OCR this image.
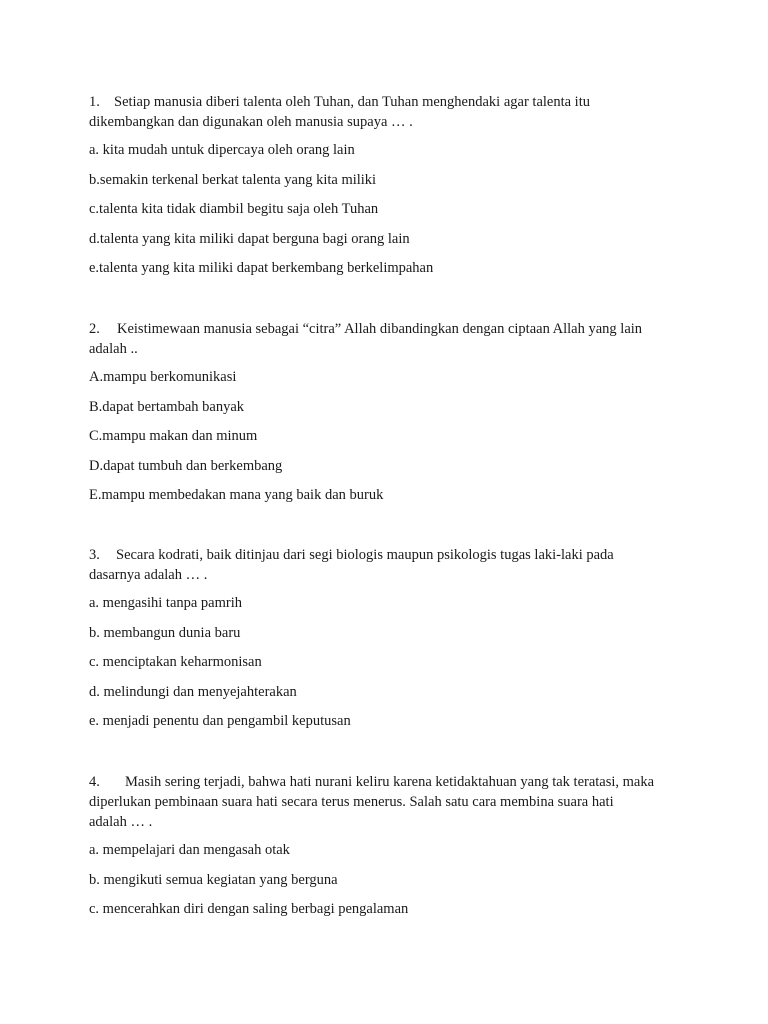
1. Setiap manusia diberi talenta oleh Tuhan, dan Tuhan menghendaki agar talenta itu
dikembangkan dan digunakan oleh manusia supaya … .
a. kita mudah untuk dipercaya oleh orang lain
b.semakin terkenal berkat talenta yang kita miliki
c.talenta kita tidak diambil begitu saja oleh Tuhan
d.talenta yang kita miliki dapat berguna bagi orang lain
e.talenta yang kita miliki dapat berkembang berkelimpahan
2. Keistimewaan manusia sebagai “citra” Allah dibandingkan dengan ciptaan Allah yang lain
adalah ..
A.mampu berkomunikasi
B.dapat bertambah banyak
C.mampu makan dan minum
D.dapat tumbuh dan berkembang
E.mampu membedakan mana yang baik dan buruk
3. Secara kodrati, baik ditinjau dari segi biologis maupun psikologis tugas laki-laki pada
dasarnya adalah … .
a. mengasihi tanpa pamrih
b. membangun dunia baru
c. menciptakan keharmonisan
d. melindungi dan menyejahterakan
e. menjadi penentu dan pengambil keputusan
4. Masih sering terjadi, bahwa hati nurani keliru karena ketidaktahuan yang tak teratasi, maka
diperlukan pembinaan suara hati secara terus menerus. Salah satu cara membina suara hati
adalah … .
a. mempelajari dan mengasah otak
b. mengikuti semua kegiatan yang berguna
c. mencerahkan diri dengan saling berbagi pengalaman
